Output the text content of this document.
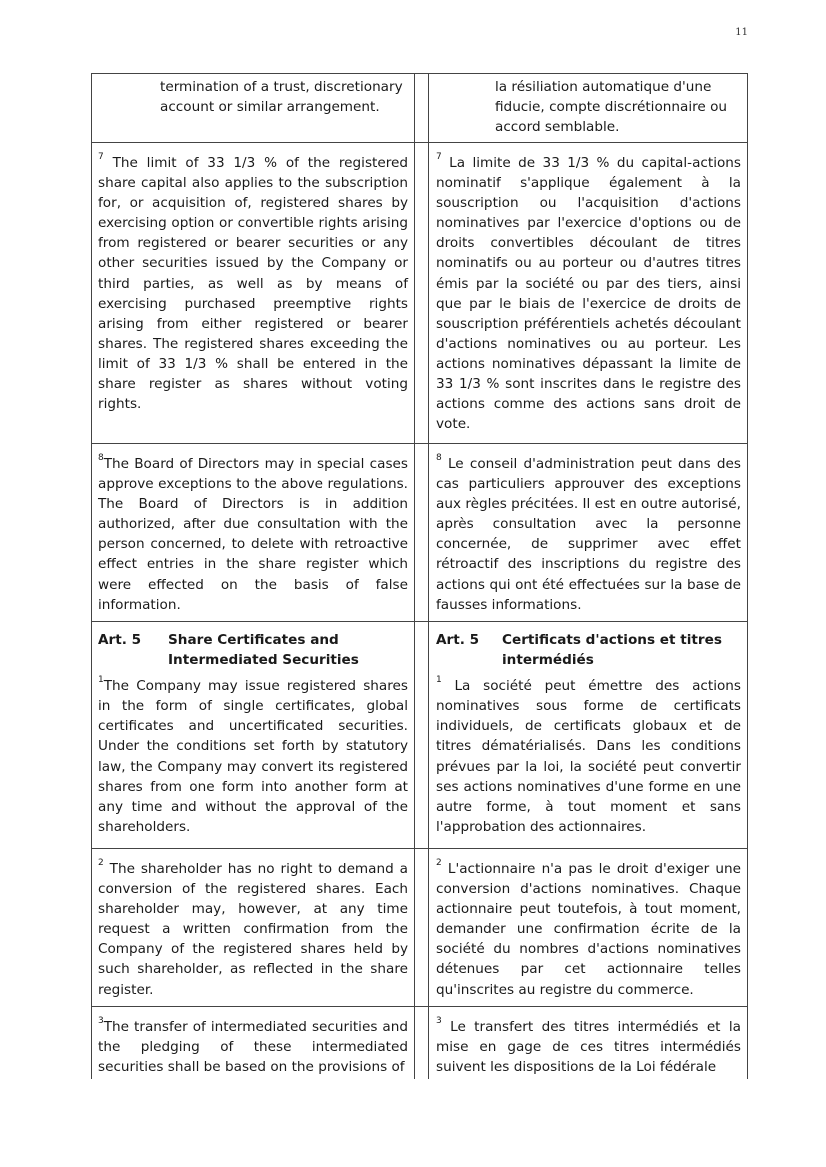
11

termination of a trust, discretionary account or similar arrangement.

la résiliation automatique d'une fiducie, compte discrétionnaire ou accord semblable.

$^7$ The limit of 33 1/3 % of the registered share capital also applies to the subscription for, or acquisition of, registered shares by exercising option or convertible rights arising from registered or bearer securities or any other securities issued by the Company or third parties, as well as by means of exercising purchased preemptive rights arising from either registered or bearer shares. The registered shares exceeding the limit of 33 1/3 % shall be entered in the share register as shares without voting rights.

$^7$ La limite de 33 1/3 % du capital-actions nominatif s'applique également à la souscription ou l'acquisition d'actions nominatives par l'exercice d'options ou de droits convertibles découlant de titres nominatifs ou au porteur ou d'autres titres émis par la société ou par des tiers, ainsi que par le biais de l'exercice de droits de souscription préférentiels achetés découlant d'actions nominatives ou au porteur. Les actions nominatives dépassant la limite de 33 1/3 % sont inscrites dans le registre des actions comme des actions sans droit de vote.

$^8$The Board of Directors may in special cases approve exceptions to the above regulations. The Board of Directors is in addition authorized, after due consultation with the person concerned, to delete with retroactive effect entries in the share register which were effected on the basis of false information.

$^8$ Le conseil d'administration peut dans des cas particuliers approuver des exceptions aux règles précitées. Il est en outre autorisé, après consultation avec la personne concernée, de supprimer avec effet rétroactif des inscriptions du registre des actions qui ont été effectuées sur la base de fausses informations.

Art. 5	Share Certificates and Intermediated Securities

$^1$The Company may issue registered shares in the form of single certificates, global certificates and uncertificated securities. Under the conditions set forth by statutory law, the Company may convert its registered shares from one form into another form at any time and without the approval of the shareholders.

Art. 5	Certificats d'actions et titres intermédiés

$^1$ La société peut émettre des actions nominatives sous forme de certificats individuels, de certificats globaux et de titres dématérialisés. Dans les conditions prévues par la loi, la société peut convertir ses actions nominatives d'une forme en une autre forme, à tout moment et sans l'approbation des actionnaires.

$^2$ The shareholder has no right to demand a conversion of the registered shares. Each shareholder may, however, at any time request a written confirmation from the Company of the registered shares held by such shareholder, as reflected in the share register.

$^2$ L'actionnaire n'a pas le droit d'exiger une conversion d'actions nominatives. Chaque actionnaire peut toutefois, à tout moment, demander une confirmation écrite de la société du nombres d'actions nominatives détenues par cet actionnaire telles qu'inscrites au registre du commerce.

$^3$The transfer of intermediated securities and the pledging of these intermediated securities shall be based on the provisions of

$^3$ Le transfert des titres intermédiés et la mise en gage de ces titres intermédiés suivent les dispositions de la Loi fédérale
